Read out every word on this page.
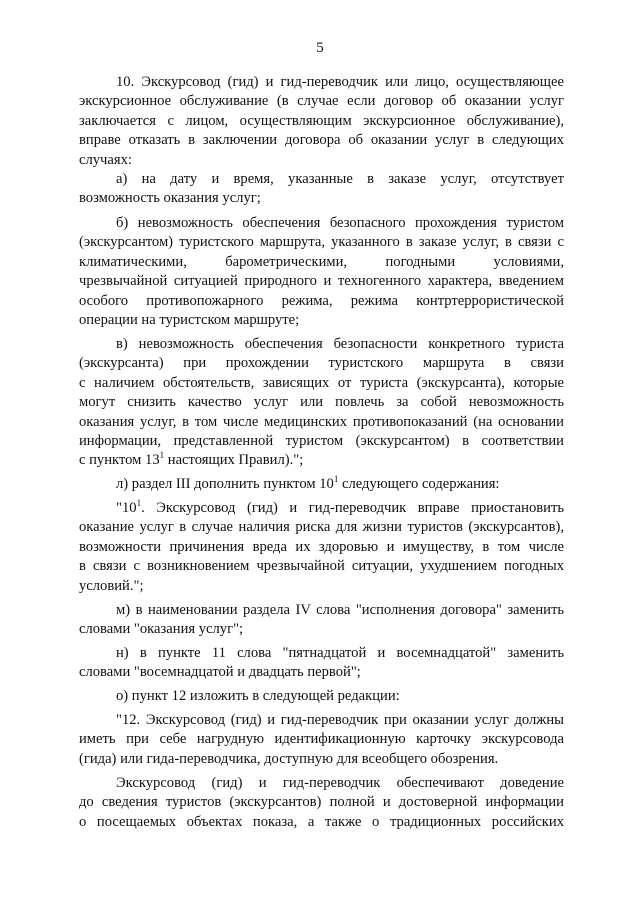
5
10. Экскурсовод (гид) и гид-переводчик или лицо, осуществляющее
экскурсионное обслуживание (в случае если договор об оказании услуг
заключается с лицом, осуществляющим экскурсионное обслуживание),
вправе отказать в заключении договора об оказании услуг в следующих
случаях:
а) на дату и время, указанные в заказе услуг, отсутствует
возможность оказания услуг;
б) невозможность обеспечения безопасного прохождения туристом
(экскурсантом) туристского маршрута, указанного в заказе услуг, в связи с
климатическими, барометрическими, погодными условиями,
чрезвычайной ситуацией природного и техногенного характера, введением
особого противопожарного режима, режима контртеррористической
операции на туристском маршруте;
в) невозможность обеспечения безопасности конкретного туриста
(экскурсанта) при прохождении туристского маршрута в связи
с наличием обстоятельств, зависящих от туриста (экскурсанта), которые
могут снизить качество услуг или повлечь за собой невозможность
оказания услуг, в том числе медицинских противопоказаний (на основании
информации, представленной туристом (экскурсантом) в соответствии
с пунктом $13^1$ настоящих Правил).";
л) раздел III дополнить пунктом $10^1$ следующего содержания:
"$10^1$. Экскурсовод (гид) и гид-переводчик вправе приостановить
оказание услуг в случае наличия риска для жизни туристов (экскурсантов),
возможности причинения вреда их здоровью и имуществу, в том числе
в связи с возникновением чрезвычайной ситуации, ухудшением погодных
условий.";
м) в наименовании раздела IV слова "исполнения договора" заменить
словами "оказания услуг";
н) в пункте 11 слова "пятнадцатой и восемнадцатой" заменить
словами "восемнадцатой и двадцать первой";
о) пункт 12 изложить в следующей редакции:
"12. Экскурсовод (гид) и гид-переводчик при оказании услуг должны
иметь при себе нагрудную идентификационную карточку экскурсовода
(гида) или гида-переводчика, доступную для всеобщего обозрения.
Экскурсовод (гид) и гид-переводчик обеспечивают доведение
до сведения туристов (экскурсантов) полной и достоверной информации
о посещаемых объектах показа, а также о традиционных российских
